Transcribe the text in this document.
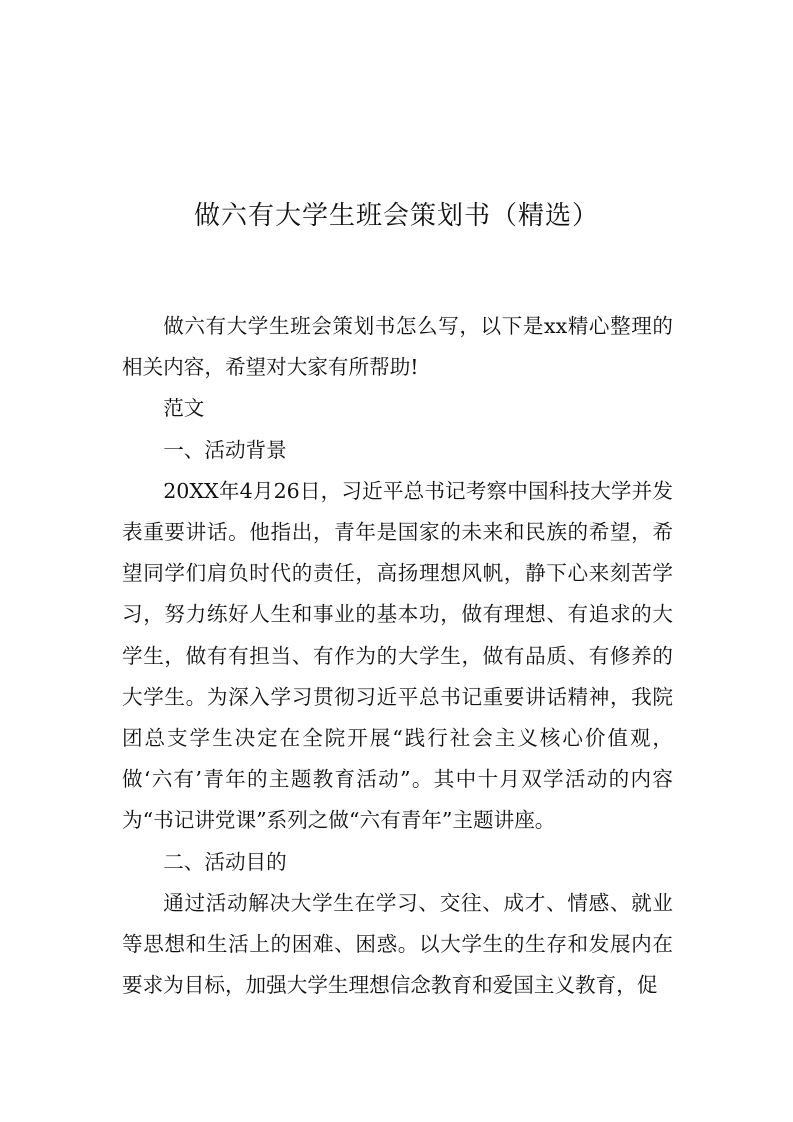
做六有大学生班会策划书（精选）

做六有大学生班会策划书怎么写，以下是xx精心整理的相关内容，希望对大家有所帮助!

范文

一、活动背景

20XX年4月26日，习近平总书记考察中国科技大学并发表重要讲话。他指出，青年是国家的未来和民族的希望，希望同学们肩负时代的责任，高扬理想风帆，静下心来刻苦学习，努力练好人生和事业的基本功，做有理想、有追求的大学生，做有有担当、有作为的大学生，做有品质、有修养的大学生。为深入学习贯彻习近平总书记重要讲话精神，我院团总支学生决定在全院开展“践行社会主义核心价值观，做‘六有’青年的主题教育活动”。其中十月双学活动的内容为“书记讲党课”系列之做“六有青年”主题讲座。

二、活动目的

通过活动解决大学生在学习、交往、成才、情感、就业等思想和生活上的困难、困惑。以大学生的生存和发展内在要求为目标，加强大学生理想信念教育和爱国主义教育，促
